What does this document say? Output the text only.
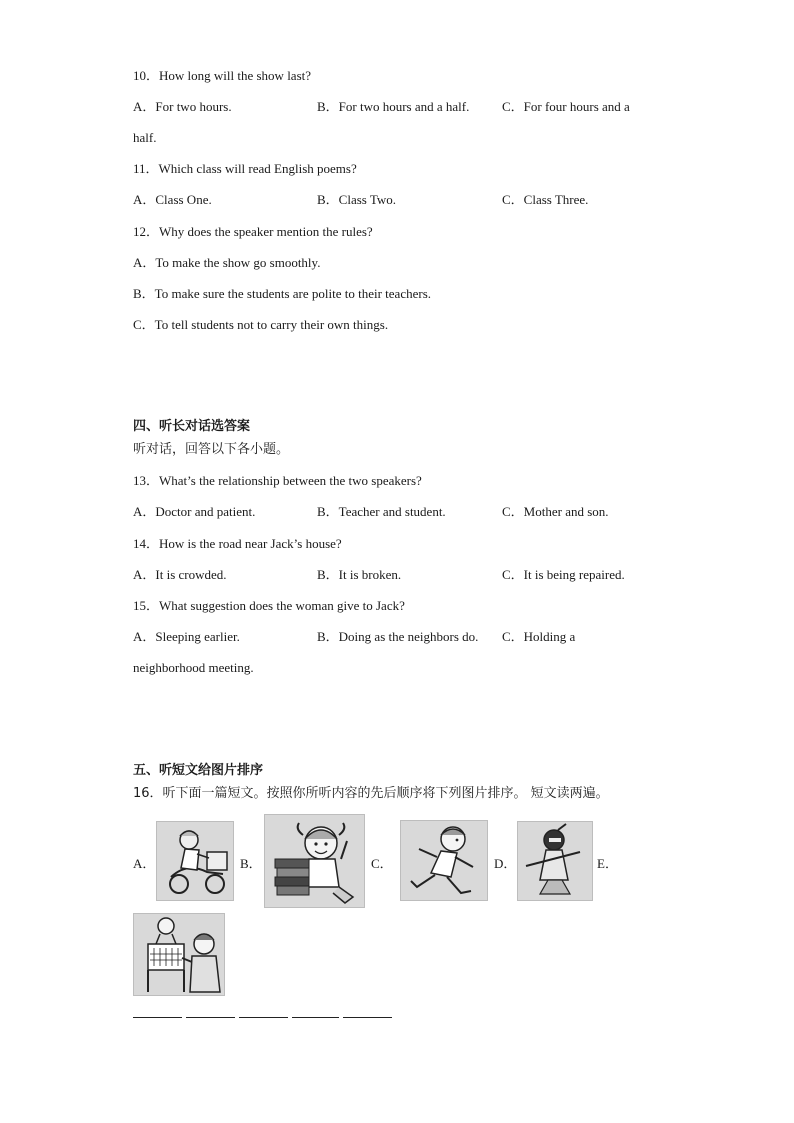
10．How long will the show last?
A．For two hours.	B．For two hours and a half.	C．For four hours and a
half.
11．Which class will read English poems?
A．Class One.	B．Class Two.	C．Class Three.
12．Why does the speaker mention the rules?
A．To make the show go smoothly.
B．To make sure the students are polite to their teachers.
C．To tell students not to carry their own things.
四、听长对话选答案
听对话，回答以下各小题。
13．What’s the relationship between the two speakers?
A．Doctor and patient.	B．Teacher and student.	C．Mother and son.
14．How is the road near Jack’s house?
A．It is crowded.	B．It is broken.	C．It is being repaired.
15．What suggestion does the woman give to Jack?
A．Sleeping earlier.	B．Doing as the neighbors do. C．Holding a
neighborhood meeting.
五、听短文给图片排序
16．听下面一篇短文。按照你所听内容的先后顺序将下列图片排序。 短文读两遍。
A．	B．	C．	D．	E．
